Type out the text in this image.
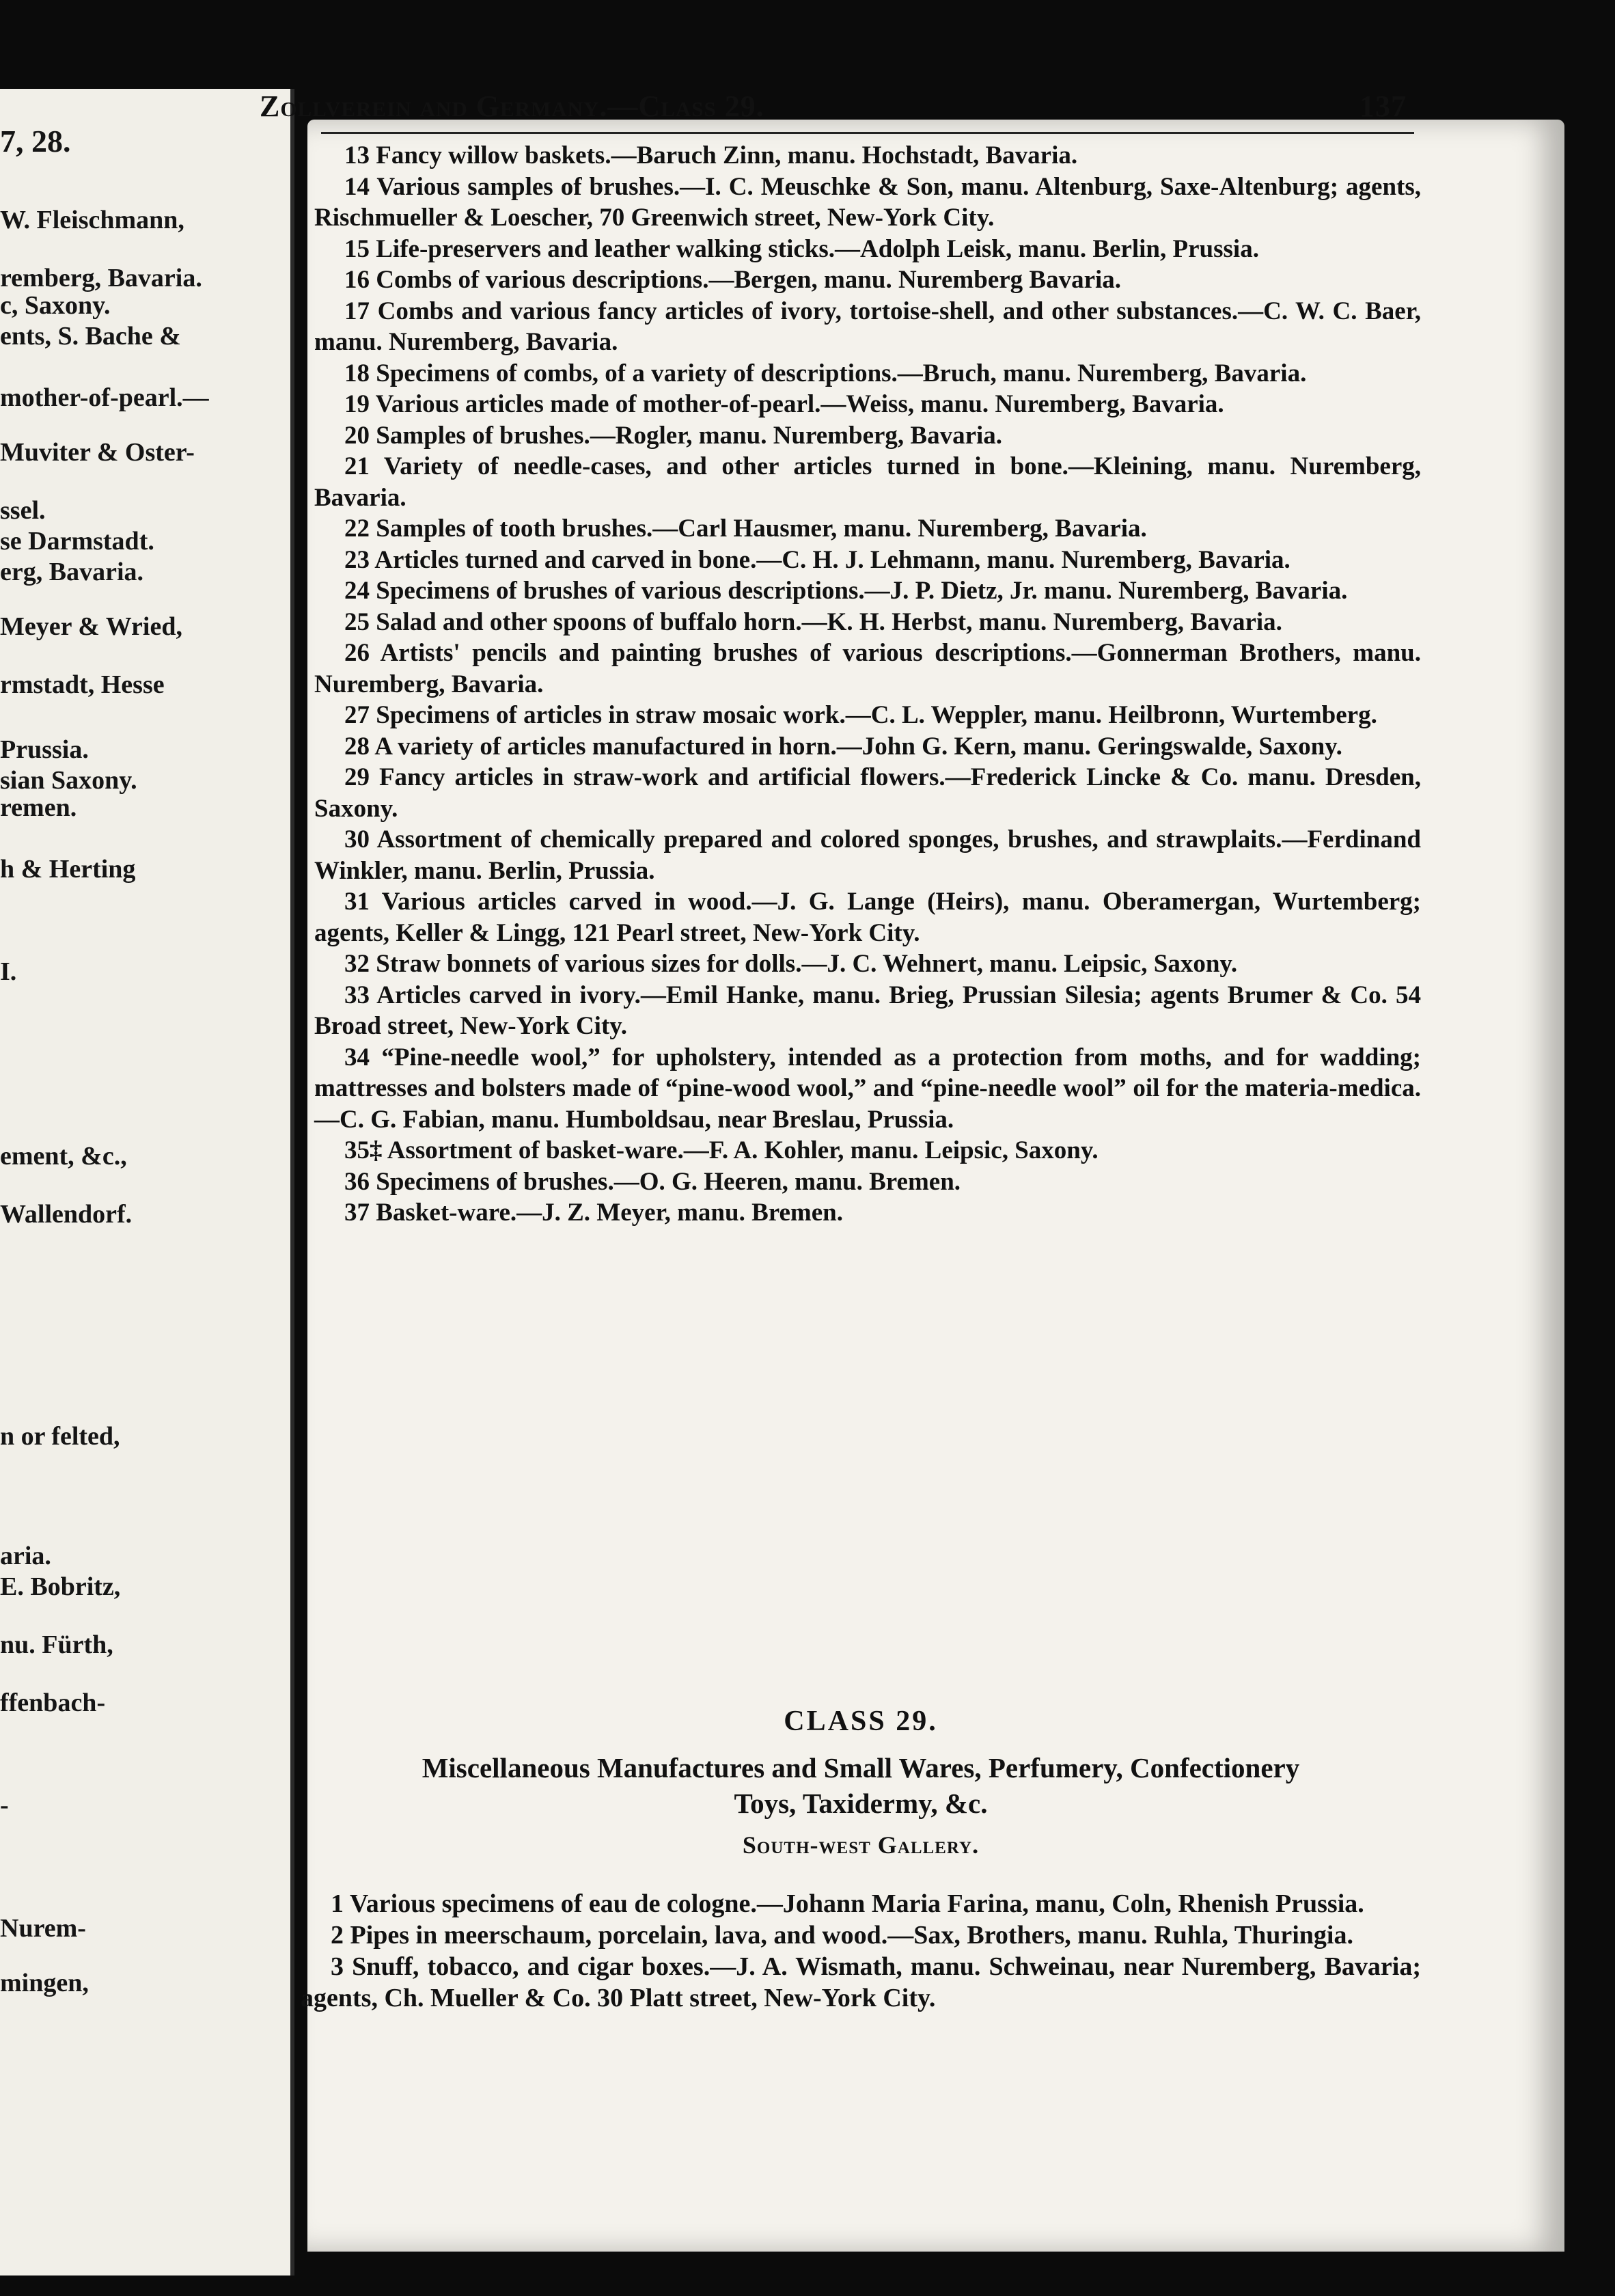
7, 28.
W. Fleischmann,
remberg, Bavaria.
c, Saxony.
ents, S. Bache &
mother-of-pearl.—
Muviter & Oster-
ssel.
se Darmstadt.
erg, Bavaria.
Meyer & Wried,
rmstadt, Hesse
Prussia.
sian Saxony.
remen.
h & Herting
I.
ement, &c.,
Wallendorf.
n or felted,
aria.
E. Bobritz,
nu. Fürth,
ffenbach-
-
Nurem-
mingen,
Zollverein and Germany.—Class 29.	137

13 Fancy willow baskets.—Baruch Zinn, manu. Hochstadt, Bavaria.

14 Various samples of brushes.—I. C. Meuschke & Son, manu. Altenburg, Saxe-Altenburg; agents, Rischmueller & Loescher, 70 Greenwich street, New-York City.

15 Life-preservers and leather walking sticks.—Adolph Leisk, manu. Berlin, Prussia.

16 Combs of various descriptions.—Bergen, manu. Nuremberg Bavaria.

17 Combs and various fancy articles of ivory, tortoise-shell, and other substances.—C. W. C. Baer, manu. Nuremberg, Bavaria.

18 Specimens of combs, of a variety of descriptions.—Bruch, manu. Nuremberg, Bavaria.

19 Various articles made of mother-of-pearl.—Weiss, manu. Nuremberg, Bavaria.

20 Samples of brushes.—Rogler, manu. Nuremberg, Bavaria.

21 Variety of needle-cases, and other articles turned in bone.—Kleining, manu. Nuremberg, Bavaria.

22 Samples of tooth brushes.—Carl Hausmer, manu. Nuremberg, Bavaria.

23 Articles turned and carved in bone.—C. H. J. Lehmann, manu. Nuremberg, Bavaria.

24 Specimens of brushes of various descriptions.—J. P. Dietz, Jr. manu. Nuremberg, Bavaria.

25 Salad and other spoons of buffalo horn.—K. H. Herbst, manu. Nuremberg, Bavaria.

26 Artists' pencils and painting brushes of various descriptions.—Gonnerman Brothers, manu. Nuremberg, Bavaria.

27 Specimens of articles in straw mosaic work.—C. L. Weppler, manu. Heilbronn, Wurtemberg.

28 A variety of articles manufactured in horn.—John G. Kern, manu. Geringswalde, Saxony.

29 Fancy articles in straw-work and artificial flowers.—Frederick Lincke & Co. manu. Dresden, Saxony.

30 Assortment of chemically prepared and colored sponges, brushes, and strawplaits.—Ferdinand Winkler, manu. Berlin, Prussia.

31 Various articles carved in wood.—J. G. Lange (Heirs), manu. Oberamergan, Wurtemberg; agents, Keller & Lingg, 121 Pearl street, New-York City.

32 Straw bonnets of various sizes for dolls.—J. C. Wehnert, manu. Leipsic, Saxony.

33 Articles carved in ivory.—Emil Hanke, manu. Brieg, Prussian Silesia; agents Brumer & Co. 54 Broad street, New-York City.

34 “Pine-needle wool,” for upholstery, intended as a protection from moths, and for wadding; mattresses and bolsters made of “pine-wood wool,” and “pine-needle wool” oil for the materia-medica.—C. G. Fabian, manu. Humboldsau, near Breslau, Prussia.

35‡ Assortment of basket-ware.—F. A. Kohler, manu. Leipsic, Saxony.

36 Specimens of brushes.—O. G. Heeren, manu. Bremen.

37 Basket-ware.—J. Z. Meyer, manu. Bremen.

CLASS 29.

Miscellaneous Manufactures and Small Wares, Perfumery, Confectionery
Toys, Taxidermy, &c.

South-west Gallery.

1 Various specimens of eau de cologne.—Johann Maria Farina, manu, Coln, Rhenish Prussia.

2 Pipes in meerschaum, porcelain, lava, and wood.—Sax, Brothers, manu. Ruhla, Thuringia.

3 Snuff, tobacco, and cigar boxes.—J. A. Wismath, manu. Schweinau, near Nuremberg, Bavaria; agents, Ch. Mueller & Co. 30 Platt street, New-York City.
